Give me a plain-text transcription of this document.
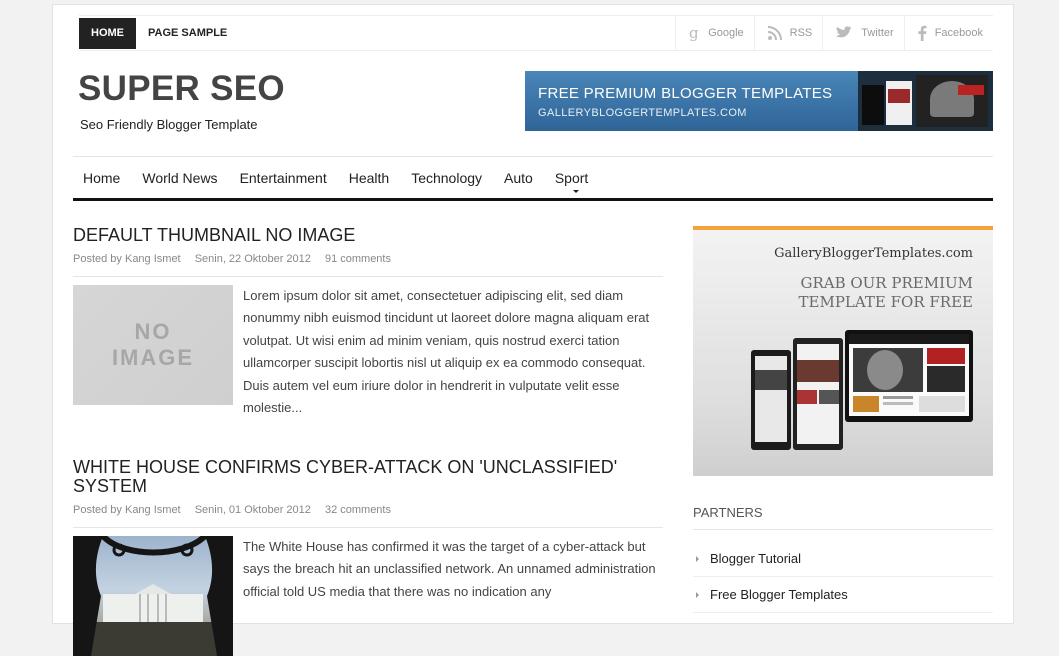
HOME	PAGE SAMPLE	g Google	RSS	Twitter	Facebook
SUPER SEO
Seo Friendly Blogger Template
FREE PREMIUM BLOGGER TEMPLATES
GALLERYBLOGGERTEMPLATES.COM
Home	World News	Entertainment	Health	Technology	Auto	Sport
DEFAULT THUMBNAIL NO IMAGE
Posted by Kang Ismet Senin, 22 Oktober 2012 91 comments
NO
IMAGE
Lorem ipsum dolor sit amet, consectetuer adipiscing elit, sed diam nonummy nibh euismod tincidunt ut laoreet dolore magna aliquam erat volutpat. Ut wisi enim ad minim veniam, quis nostrud exerci tation ullamcorper suscipit lobortis nisl ut aliquip ex ea commodo consequat. Duis autem vel eum iriure dolor in hendrerit in vulputate velit esse molestie...
WHITE HOUSE CONFIRMS CYBER-ATTACK ON 'UNCLASSIFIED' SYSTEM
Posted by Kang Ismet Senin, 01 Oktober 2012 32 comments
The White House has confirmed it was the target of a cyber-attack but says the breach hit an unclassified network. An unnamed administration official told US media that there was no indication any
GalleryBloggerTemplates.com
GRAB OUR PREMIUM TEMPLATE FOR FREE
PARTNERS
Blogger Tutorial
Free Blogger Templates
